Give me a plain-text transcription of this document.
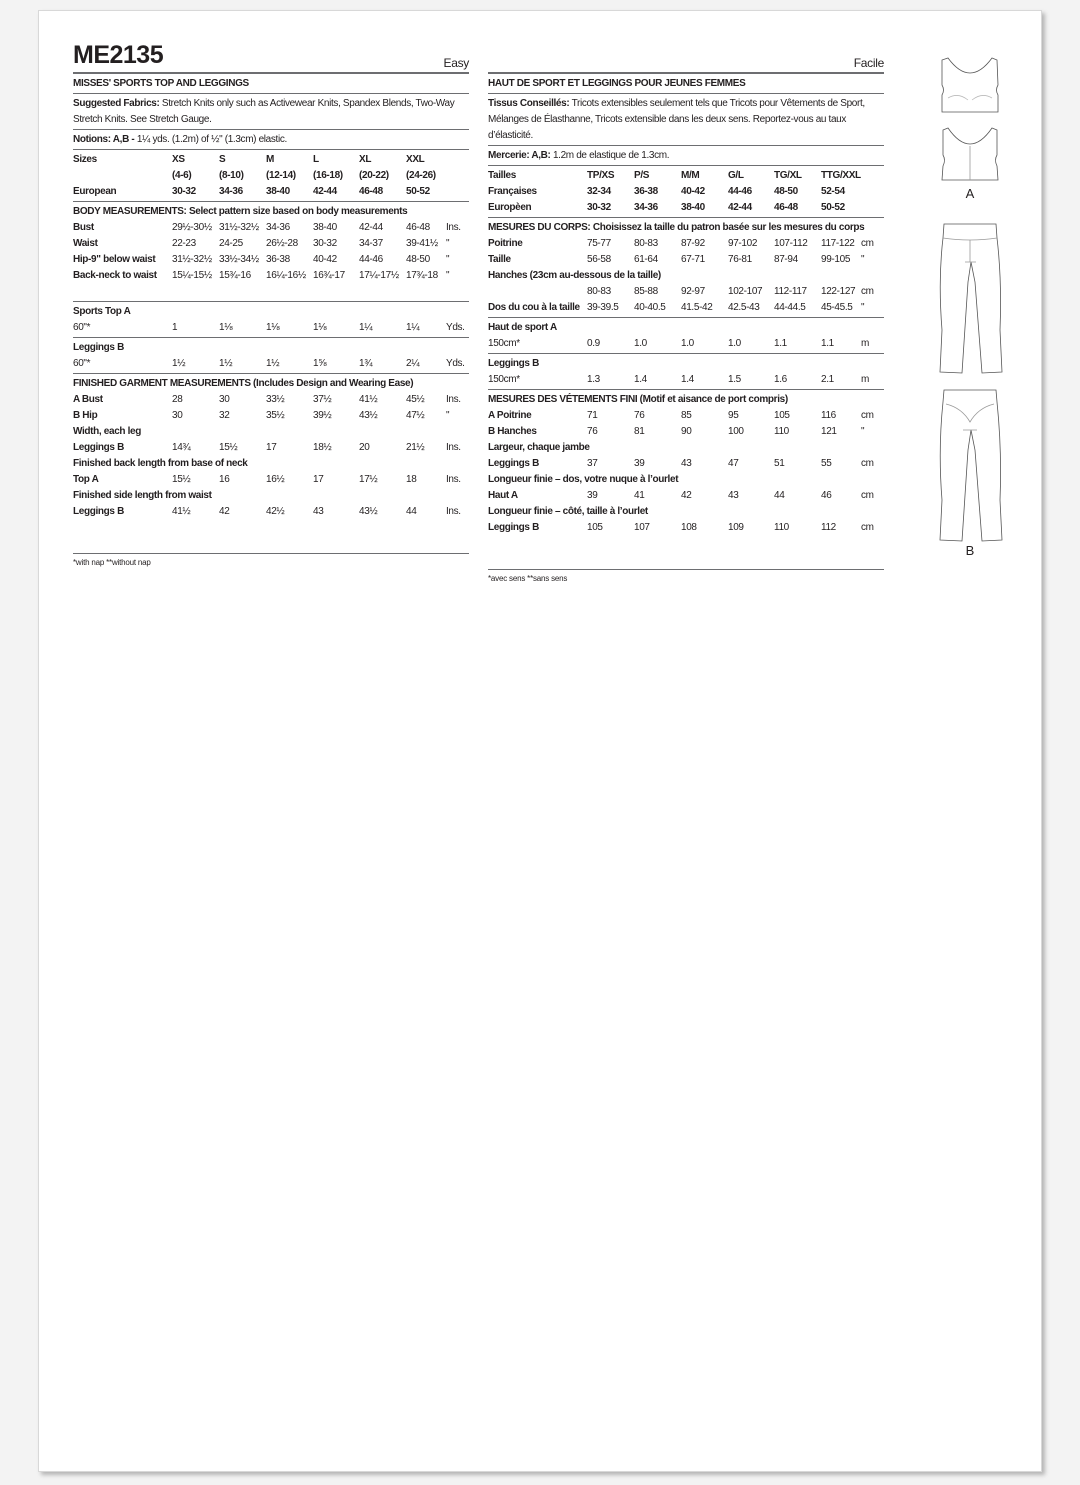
ME2135	Easy
MISSES' SPORTS TOP AND LEGGINGS
Suggested Fabrics: Stretch Knits only such as Activewear Knits, Spandex Blends, Two-Way Stretch Knits. See Stretch Gauge.
Notions: A,B - 1¼ yds. (1.2m) of ½" (1.3cm) elastic.
Sizes	XS	S	M	L	XL	XXL
(4-6)	(8-10) (12-14) (16-18) (20-22) (24-26)
European	30-32 34-36 38-40 42-44 46-48 50-52
BODY MEASUREMENTS: Select pattern size based on body measurements
Bust	29½-30½ 31½-32½ 34-36 38-40 42-44 46-48 Ins.
Waist	22-23 24-25 26½-28 30-32 34-37 39-41½ "
Hip-9" below waist 31½-32½ 33½-34½ 36-38 40-42 44-46 48-50 "
Back-neck to waist 15¼-15½ 15¾-16 16¼-16½ 16¾-17 17¼-17½ 17¾-18 "
Sports Top A
60"*	1	1⅛	1⅛	1⅛	1¼	1¼	Yds.
Leggings B
60"*	1½	1½	1½	1⅝	1¾	2¼	Yds.
FINISHED GARMENT MEASUREMENTS (Includes Design and Wearing Ease)
A Bust	28	30	33½	37½	41½	45½ Ins.
B Hip	30	32	35½	39½	43½	47½ "
Width, each leg
Leggings B	14¾	15½	17	18½	20	21½ Ins.
Finished back length from base of neck
Top A	15½	16	16½	17	17½	18	Ins.
Finished side length from waist
Leggings B	41½	42	42½	43	43½	44	Ins.
*with nap **without nap
Facile
HAUT DE SPORT ET LEGGINGS POUR JEUNES FEMMES
Tissus Conseillés: Tricots extensibles seulement tels que Tricots pour Vêtements de Sport, Mélanges de Élasthanne, Tricots extensible dans les deux sens. Reportez-vous au taux d’élasticité.
Mercerie: A,B: 1.2m de elastique de 1.3cm.
Tailles	TP/XS P/S	M/M	G/L	TG/XL TTG/XXL
Françaises	32-34 36-38 40-42 44-46 48-50 52-54
Europèen	30-32 34-36 38-40 42-44 46-48 50-52
MESURES DU CORPS: Choisissez la taille du patron basée sur les mesures du corps
Poitrine	75-77 80-83 87-92 97-102 107-112 117-122 cm
Taille	56-58 61-64 67-71 76-81 87-94 99-105 "
Hanches (23cm au-dessous de la taille)
80-83 85-88 92-97 102-107 112-117 122-127 cm
Dos du cou à la taille 39-39.5 40-40.5 41.5-42 42.5-43 44-44.5 45-45.5 "
Haut de sport A
150cm*	0.9	1.0	1.0	1.0	1.1	1.1	m
Leggings B
150cm*	1.3	1.4	1.4	1.5	1.6	2.1	m
MESURES DES VÉTEMENTS FINI (Motif et aisance de port compris)
A Poitrine	71	76	85	95	105	116	cm
B Hanches	76	81	90	100	110	121 "
Largeur, chaque jambe
Leggings B	37	39	43	47	51	55	cm
Longueur finie – dos, votre nuque à l’ourlet
Haut A	39	41	42	43	44	46	cm
Longueur finie – côté, taille à l’ourlet
Leggings B	105	107	108	109	110	112	cm
*avec sens **sans sens
A
B
